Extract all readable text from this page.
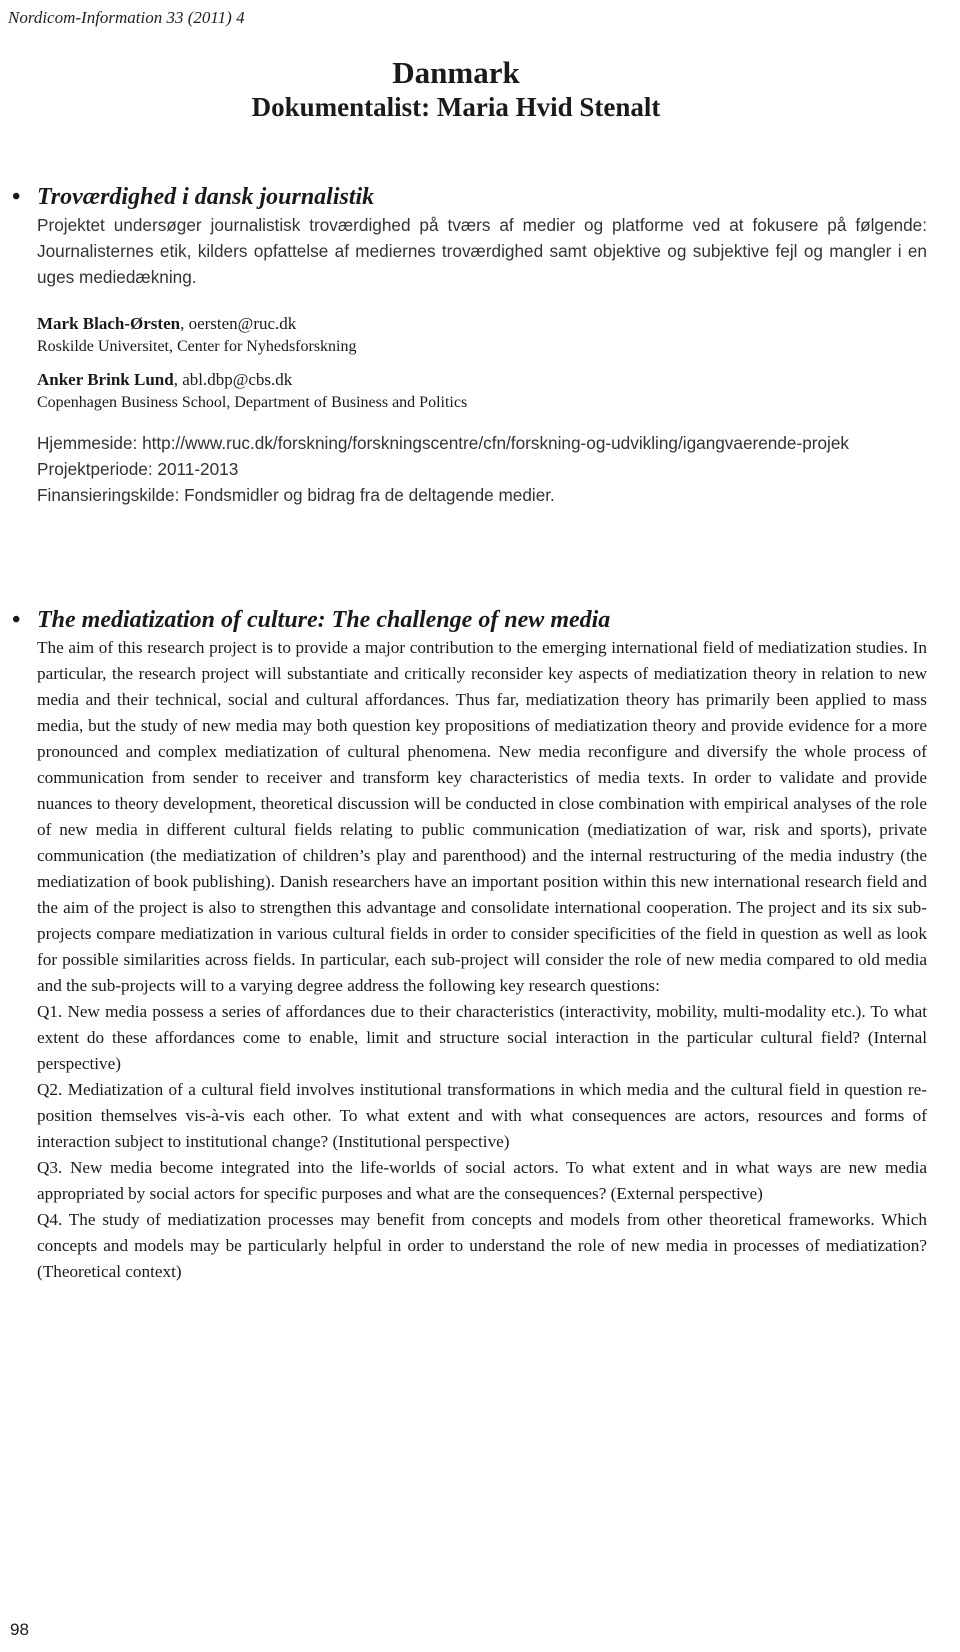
Nordicom-Information 33 (2011) 4
Danmark
Dokumentalist: Maria Hvid Stenalt
• Troværdighed i dansk journalistik

Projektet undersøger journalistisk troværdighed på tværs af medier og platforme ved at fokusere på følgende: Journalisternes etik, kilders opfattelse af mediernes troværdighed samt objektive og subjektive fejl og mangler i en uges mediedækning.

Mark Blach-Ørsten, oersten@ruc.dk

Roskilde Universitet, Center for Nyhedsforskning

Anker Brink Lund, abl.dbp@cbs.dk

Copenhagen Business School, Department of Business and Politics

Hjemmeside: http://www.ruc.dk/forskning/forskningscentre/cfn/forskning-og-udvikling/igangvaerende-projek

Projektperiode: 2011-2013

Finansieringskilde: Fondsmidler og bidrag fra de deltagende medier.

• The mediatization of culture: The challenge of new media

The aim of this research project is to provide a major contribution to the emerging international field of mediatization studies. In particular, the research project will substantiate and critically reconsider key aspects of mediatization theory in relation to new media and their technical, social and cultural affordances. Thus far, mediatization theory has primarily been applied to mass media, but the study of new media may both question key propositions of mediatization theory and provide evidence for a more pronounced and complex mediatization of cultural phenomena. New media reconfigure and diversify the whole process of communication from sender to receiver and transform key characteristics of media texts. In order to validate and provide nuances to theory development, theoretical discussion will be conducted in close combination with empirical analyses of the role of new media in different cultural fields relating to public communication (mediatization of war, risk and sports), private communication (the mediatization of children’s play and parenthood) and the internal restructuring of the media industry (the mediatization of book publishing). Danish researchers have an important position within this new international research field and the aim of the project is also to strengthen this advantage and consolidate international cooperation. The project and its six sub-projects compare mediatization in various cultural fields in order to consider specificities of the field in question as well as look for possible similarities across fields. In particular, each sub-project will consider the role of new media compared to old media and the sub-projects will to a varying degree address the following key research questions:

Q1. New media possess a series of affordances due to their characteristics (interactivity, mobility, multi-modality etc.). To what extent do these affordances come to enable, limit and structure social interaction in the particular cultural field? (Internal perspective)

Q2. Mediatization of a cultural field involves institutional transformations in which media and the cultural field in question re-position themselves vis-à-vis each other. To what extent and with what consequences are actors, resources and forms of interaction subject to institutional change? (Institutional perspective)

Q3. New media become integrated into the life-worlds of social actors. To what extent and in what ways are new media appropriated by social actors for specific purposes and what are the consequences? (External perspective)

Q4. The study of mediatization processes may benefit from concepts and models from other theoretical frameworks. Which concepts and models may be particularly helpful in order to understand the role of new media in processes of mediatization? (Theoretical context)

98
